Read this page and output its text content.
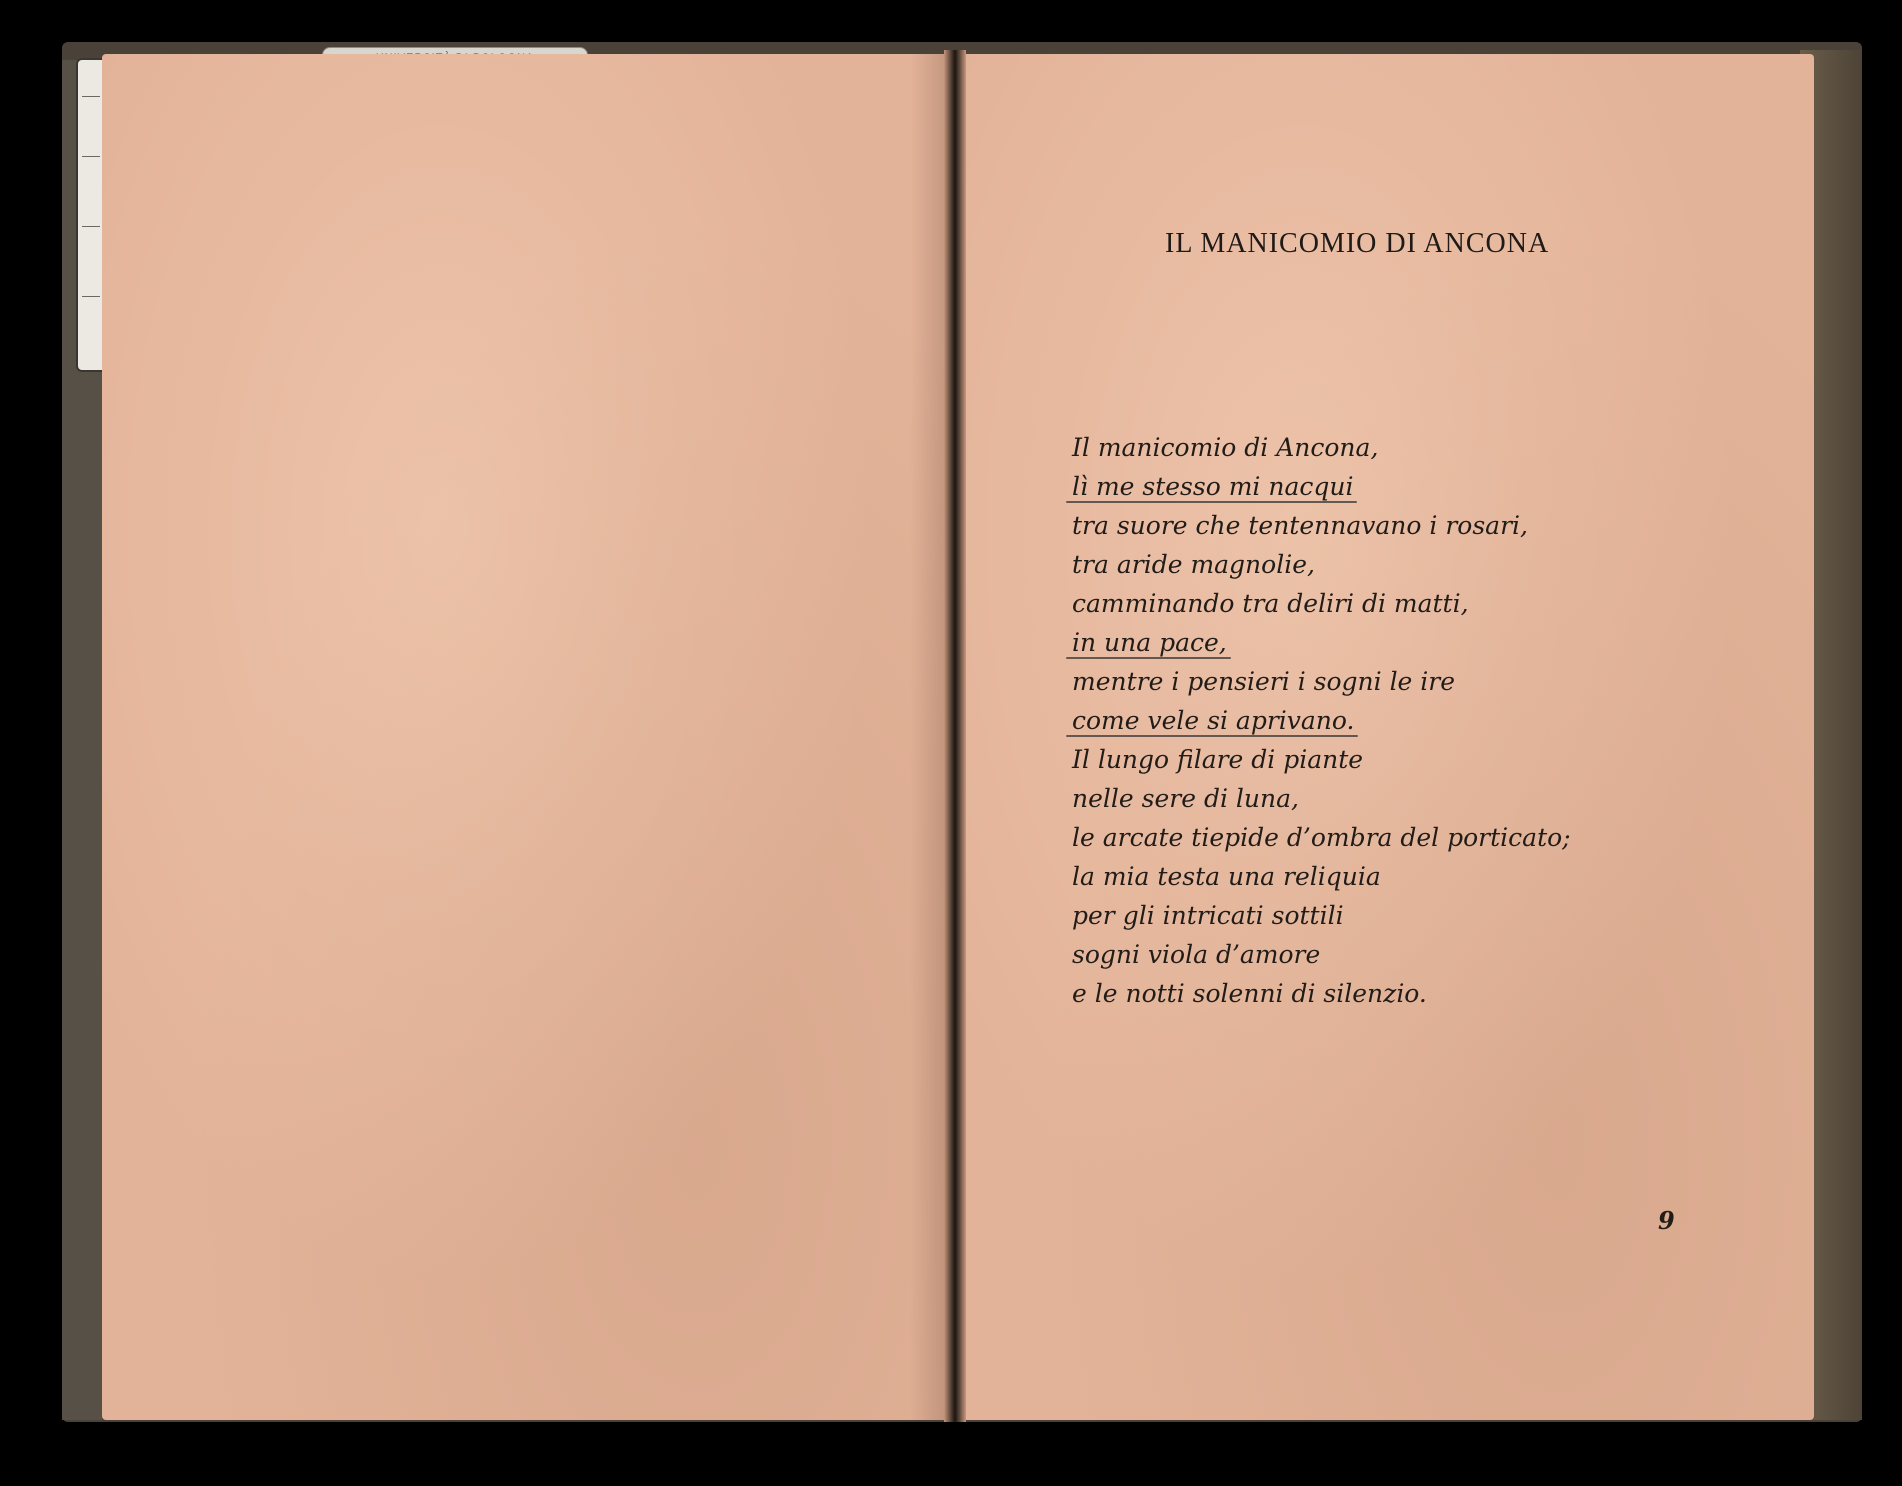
IL MANICOMIO DI ANCONA
Il manicomio di Ancona,
lì me stesso mi nacqui
tra suore che tentennavano i rosari,
tra aride magnolie,
camminando tra deliri di matti,
in una pace,
mentre i pensieri i sogni le ire
come vele si aprivano.
Il lungo filare di piante
nelle sere di luna,
le arcate tiepide d’ombra del porticato;
la mia testa una reliquia
per gli intricati sottili
sogni viola d’amore
e le notti solenni di silenzio.
9
